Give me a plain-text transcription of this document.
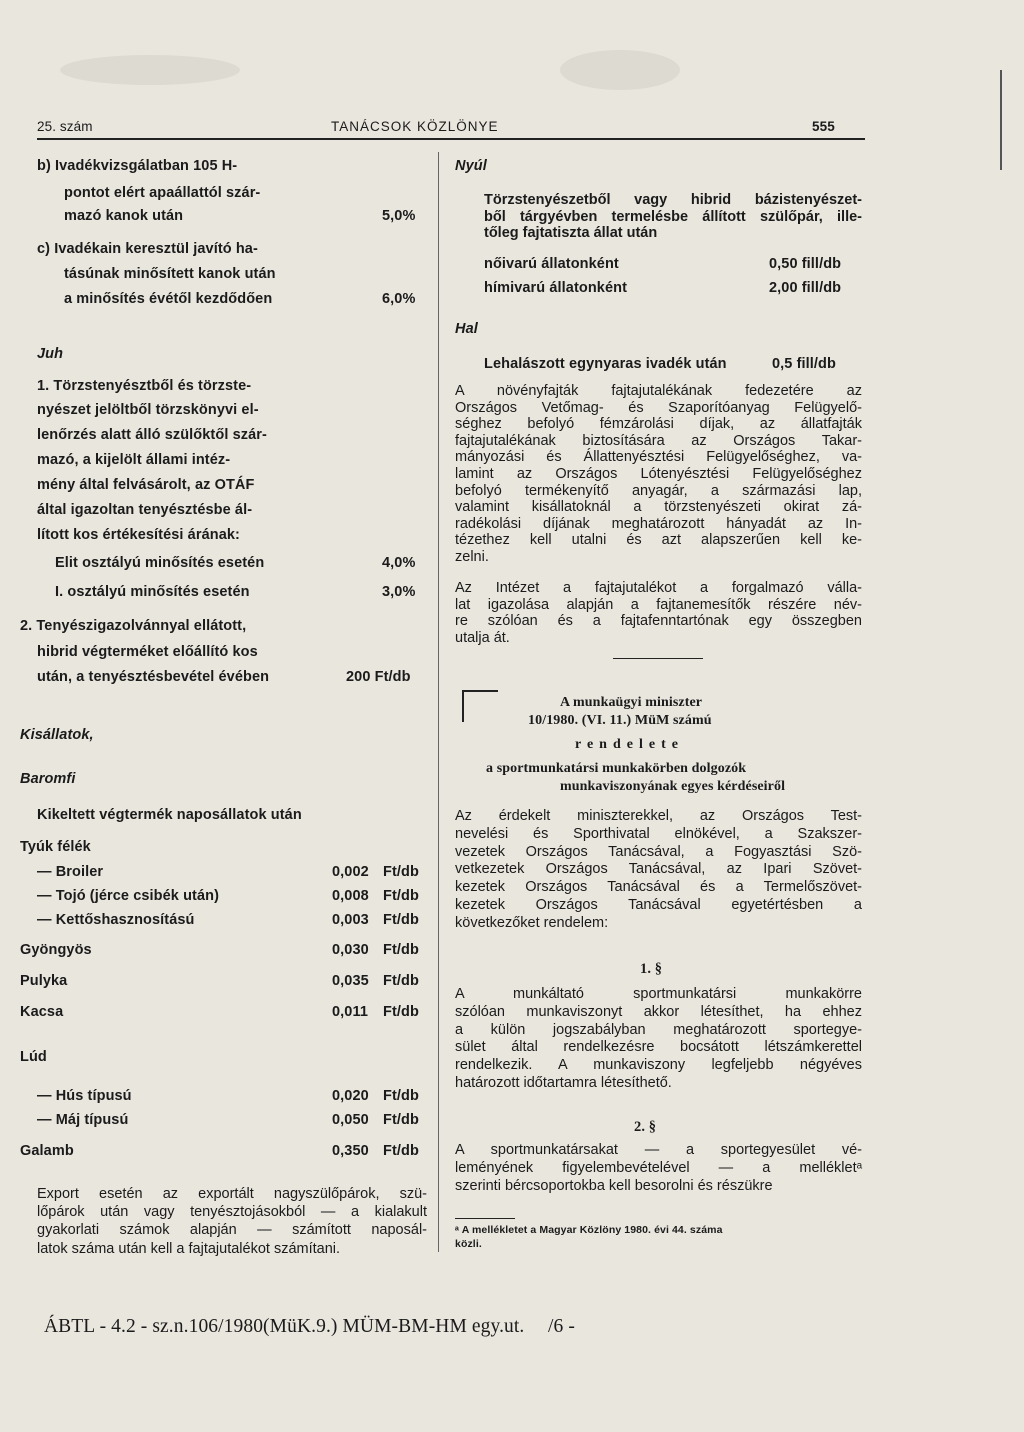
25. szám	TANÁCSOK KÖZLÖNYE	555
b) Ivadékvizsgálatban 105 H-
pontot elért apaállattól szár-
mazó kanok után	5,0%
c) Ivadékain keresztül javító ha-
tásúnak minősített kanok után
a minősítés évétől kezdődően	6,0%
Juh
1. Törzstenyésztből és törzste-
nyészet jelöltből törzskönyvi el-
lenőrzés alatt álló szülőktől szár-
mazó, a kijelölt állami intéz-
mény által felvásárolt, az OTÁF
által igazoltan tenyésztésbe ál-
lított kos értékesítési árának:
Elit osztályú minősítés esetén	4,0%
I. osztályú minősítés esetén	3,0%
2. Tenyészigazolvánnyal ellátott,
hibrid végterméket előállító kos
után, a tenyésztésbevétel évében	200 Ft/db
Kisállatok,
Baromfi
Kikeltett végtermék naposállatok után
Tyúk félék
— Broiler	0,002 Ft/db
— Tojó (jérce csibék után)	0,008 Ft/db
— Kettőshasznosítású	0,003 Ft/db
Gyöngyös	0,030 Ft/db
Pulyka	0,035 Ft/db
Kacsa	0,011 Ft/db
Lúd
— Hús típusú	0,020 Ft/db
— Máj típusú	0,050 Ft/db
Galamb	0,350 Ft/db
Export esetén az exportált nagyszülőpárok, szü-
lőpárok után vagy tenyésztojásokból — a kialakult
gyakorlati számok alapján — számított naposál-
latok száma után kell a fajtajutalékot számítani.
Nyúl
Törzstenyészetből vagy hibrid bázistenyészet-
ből tárgyévben termelésbe állított szülőpár, ille-
tőleg fajtatiszta állat után
nőivarú állatonként	0,50 fill/db
hímivarú állatonként	2,00 fill/db
Hal
Lehalászott egynyaras ivadék után	0,5 fill/db
A növényfajták fajtajutalékának fedezetére az
Országos Vetőmag- és Szaporítóanyag Felügyelő-
séghez befolyó fémzárolási díjak, az állatfajták
fajtajutalékának biztosítására az Országos Takar-
mányozási és Állattenyésztési Felügyelőséghez, va-
lamint az Országos Lótenyésztési Felügyelőséghez
befolyó termékenyítő anyagár, a származási lap,
valamint kisállatoknál a törzstenyészeti okirat zá-
radékolási díjának meghatározott hányadát az In-
tézethez kell utalni és azt alapszerűen kell ke-
zelni.
Az Intézet a fajtajutalékot a forgalmazó válla-
lat igazolása alapján a fajtanemesítők részére név-
re szólóan és a fajtafenntartónak egy összegben
utalja át.
A munkaügyi miniszter
10/1980. (VI. 11.) MüM számú
rendelete
a sportmunkatársi munkakörben dolgozók
munkaviszonyának egyes kérdéseiről
Az érdekelt miniszterekkel, az Országos Test-
nevelési és Sporthivatal elnökével, a Szakszer-
vezetek Országos Tanácsával, a Fogyasztási Szö-
vetkezetek Országos Tanácsával, az Ipari Szövet-
kezetek Országos Tanácsával és a Termelőszövet-
kezetek Országos Tanácsával egyetértésben a
következőket rendelem:
1. §
A munkáltató sportmunkatársi munkakörre
szólóan munkaviszonyt akkor létesíthet, ha ehhez
a külön jogszabályban meghatározott sportegye-
sület által rendelkezésre bocsátott létszámkerettel
rendelkezik. A munkaviszony legfeljebb négyéves
határozott időtartamra létesíthető.
2. §
A sportmunkatársakat — a sportegyesület vé-
leményének figyelembevételével — a mellékletᵃ
szerinti bércsoportokba kell besorolni és részükre
ᵃ A mellékletet a Magyar Közlöny 1980. évi 44. száma
közli.
ÁBTL - 4.2 - sz.n.106/1980(MüK.9.) MÜM-BM-HM egy.ut. /6 -
